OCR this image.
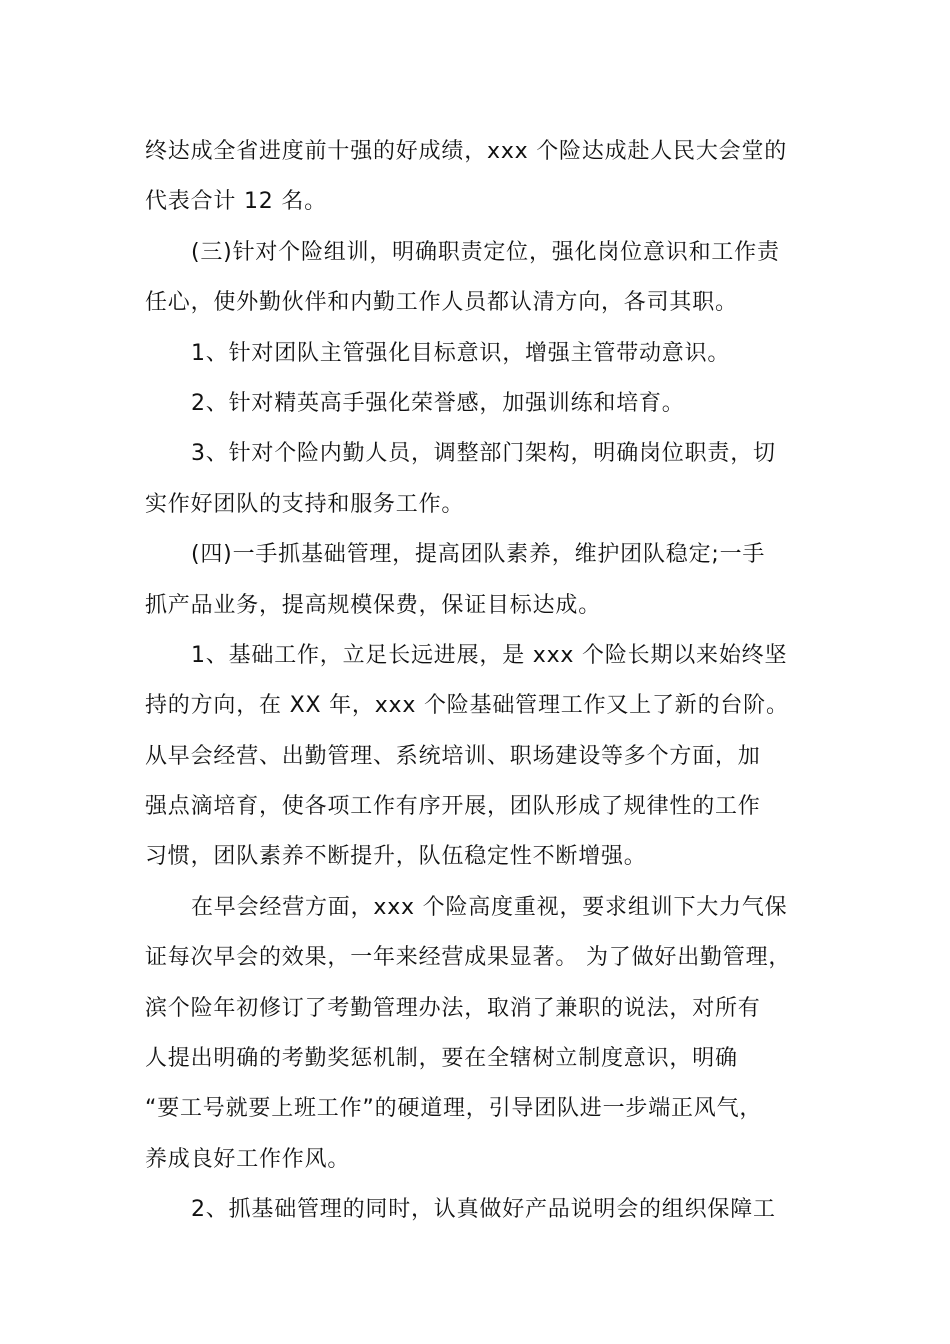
终达成全省进度前十强的好成绩，xxx 个险达成赴人民大会堂的
代表合计 12 名。
(三)针对个险组训，明确职责定位，强化岗位意识和工作责
任心，使外勤伙伴和内勤工作人员都认清方向，各司其职。
1、针对团队主管强化目标意识，增强主管带动意识。
2、针对精英高手强化荣誉感，加强训练和培育。
3、针对个险内勤人员，调整部门架构，明确岗位职责，切
实作好团队的支持和服务工作。
(四)一手抓基础管理，提高团队素养，维护团队稳定;一手
抓产品业务，提高规模保费，保证目标达成。
1、基础工作，立足长远进展，是 xxx 个险长期以来始终坚
持的方向，在 XX 年，xxx 个险基础管理工作又上了新的台阶。
从早会经营、出勤管理、系统培训、职场建设等多个方面，加
强点滴培育，使各项工作有序开展，团队形成了规律性的工作
习惯，团队素养不断提升，队伍稳定性不断增强。
在早会经营方面，xxx 个险高度重视，要求组训下大力气保
证每次早会的效果，一年来经营成果显著。 为了做好出勤管理，
滨个险年初修订了考勤管理办法，取消了兼职的说法，对所有
人提出明确的考勤奖惩机制，要在全辖树立制度意识，明确
“要工号就要上班工作”的硬道理，引导团队进一步端正风气，
养成良好工作作风。
2、抓基础管理的同时，认真做好产品说明会的组织保障工
